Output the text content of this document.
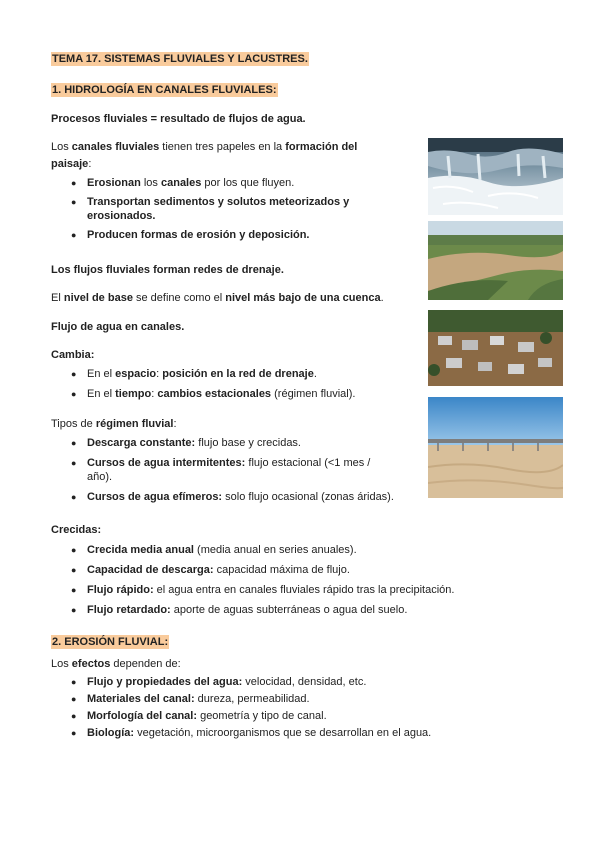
TEMA 17. SISTEMAS FLUVIALES Y LACUSTRES.
1. HIDROLOGÍA EN CANALES FLUVIALES:
Procesos fluviales = resultado de flujos de agua.
Los canales fluviales tienen tres papeles en la formación del
paisaje:
● Erosionan los canales por los que fluyen.
● Transportan sedimentos y solutos meteorizados y
erosionados.
● Producen formas de erosión y deposición.
Los flujos fluviales forman redes de drenaje.
El nivel de base se define como el nivel más bajo de una cuenca.
Flujo de agua en canales.
Cambia:
● En el espacio: posición en la red de drenaje.
● En el tiempo: cambios estacionales (régimen fluvial).
Tipos de régimen fluvial:
● Descarga constante: flujo base y crecidas.
● Cursos de agua intermitentes: flujo estacional (<1 mes /
año).
● Cursos de agua efímeros: solo flujo ocasional (zonas áridas).
Crecidas:
● Crecida media anual (media anual en series anuales).
● Capacidad de descarga: capacidad máxima de flujo.
● Flujo rápido: el agua entra en canales fluviales rápido tras la precipitación.
● Flujo retardado: aporte de aguas subterráneas o agua del suelo.
2. EROSIÓN FLUVIAL:
Los efectos dependen de:
● Flujo y propiedades del agua: velocidad, densidad, etc.
● Materiales del canal: dureza, permeabilidad.
● Morfología del canal: geometría y tipo de canal.
● Biología: vegetación, microorganismos que se desarrollan en el agua.
